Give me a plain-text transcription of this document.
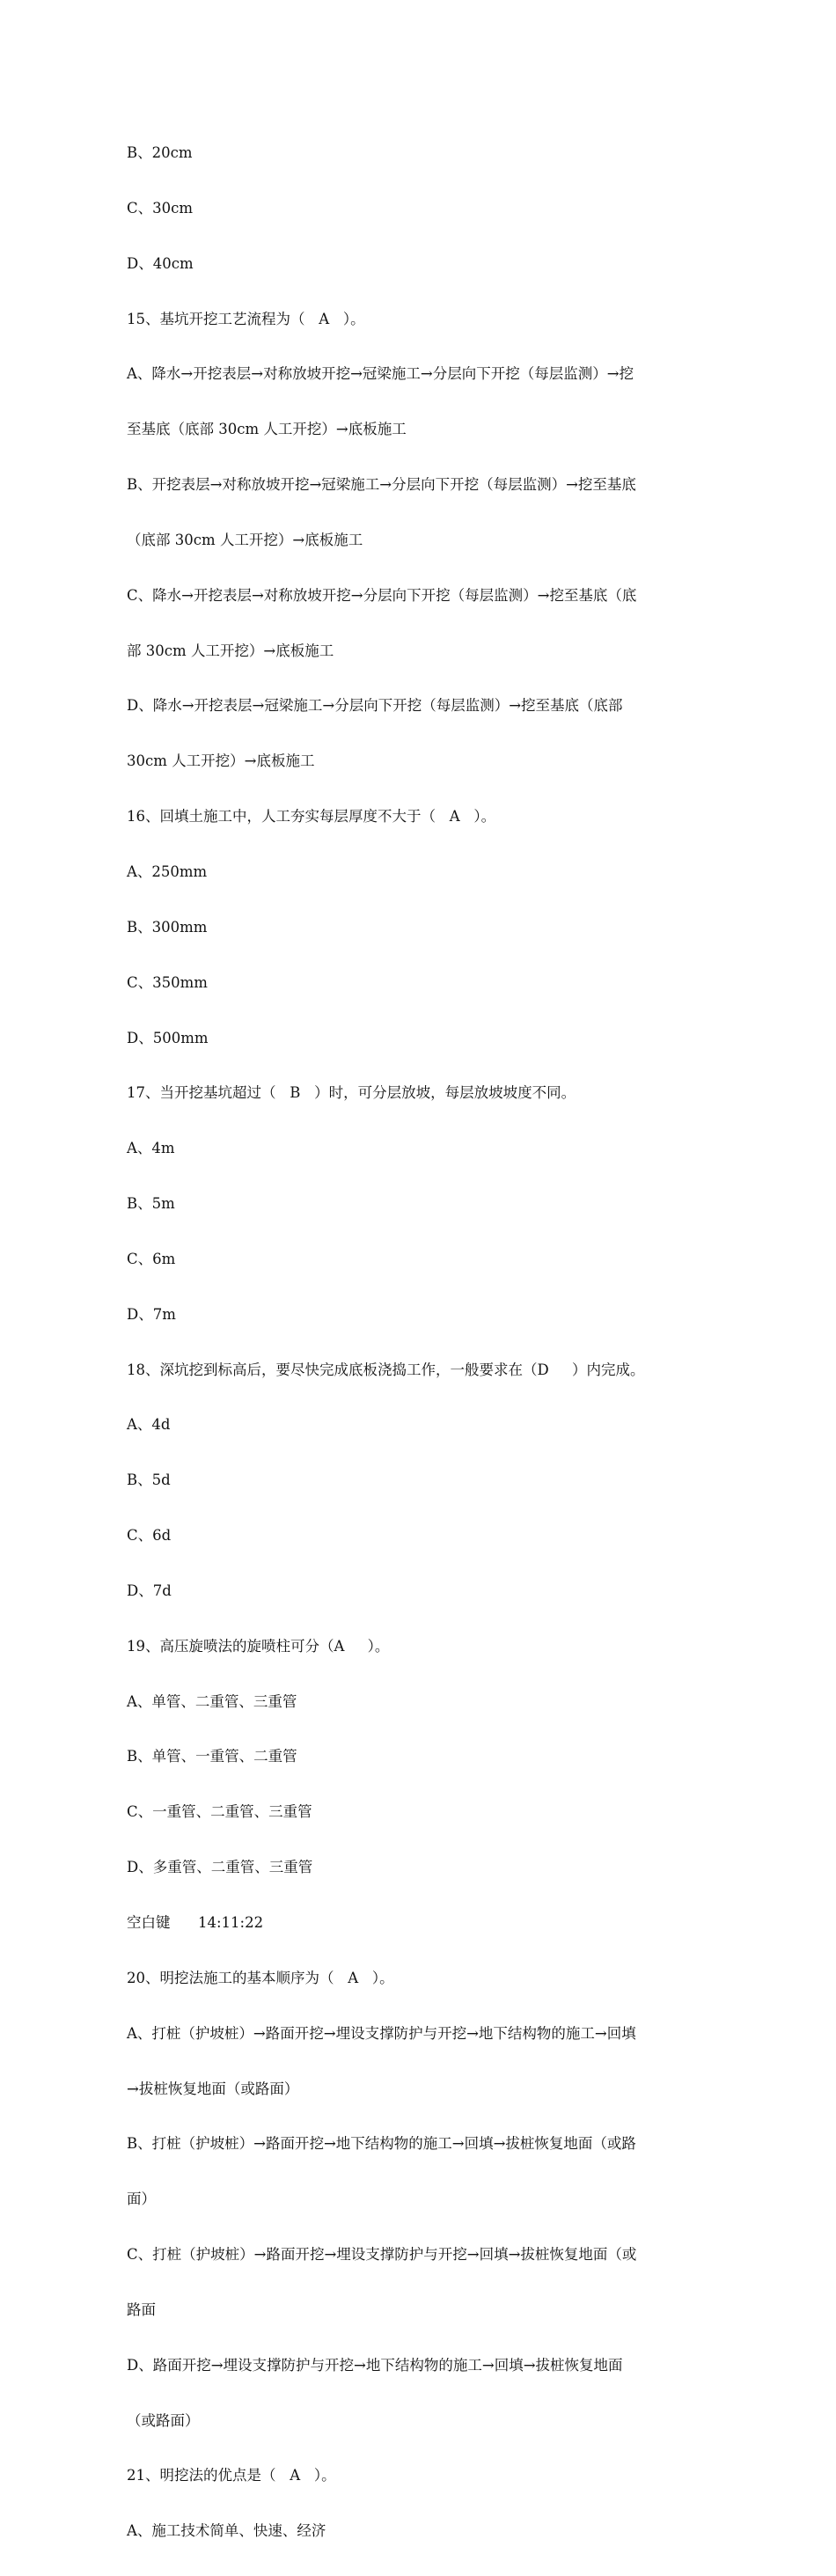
B、20cm

C、30cm

D、40cm

15、基坑开挖工艺流程为（   A   ）。

A、降水→开挖表层→对称放坡开挖→冠梁施工→分层向下开挖（每层监测）→挖

至基底（底部 30cm 人工开挖）→底板施工

B、开挖表层→对称放坡开挖→冠梁施工→分层向下开挖（每层监测）→挖至基底

（底部 30cm 人工开挖）→底板施工

C、降水→开挖表层→对称放坡开挖→分层向下开挖（每层监测）→挖至基底（底

部 30cm 人工开挖）→底板施工

D、降水→开挖表层→冠梁施工→分层向下开挖（每层监测）→挖至基底（底部

30cm 人工开挖）→底板施工

16、回填土施工中，人工夯实每层厚度不大于（   A   ）。

A、250mm

B、300mm

C、350mm

D、500mm

17、当开挖基坑超过（   B   ）时，可分层放坡，每层放坡坡度不同。

A、4m

B、5m

C、6m

D、7m

18、深坑挖到标高后，要尽快完成底板浇捣工作，一般要求在（D     ）内完成。

A、4d

B、5d

C、6d

D、7d

19、高压旋喷法的旋喷柱可分（A     ）。

A、单管、二重管、三重管

B、单管、一重管、二重管

C、一重管、二重管、三重管

D、多重管、二重管、三重管

空白键      14:11:22

20、明挖法施工的基本顺序为（   A   ）。

A、打桩（护坡桩）→路面开挖→埋设支撑防护与开挖→地下结构物的施工→回填

→拔桩恢复地面（或路面）

B、打桩（护坡桩）→路面开挖→地下结构物的施工→回填→拔桩恢复地面（或路

面）

C、打桩（护坡桩）→路面开挖→埋设支撑防护与开挖→回填→拔桩恢复地面（或

路面

D、路面开挖→埋设支撑防护与开挖→地下结构物的施工→回填→拔桩恢复地面

（或路面）

21、明挖法的优点是（   A   ）。

A、施工技术简单、快速、经济
